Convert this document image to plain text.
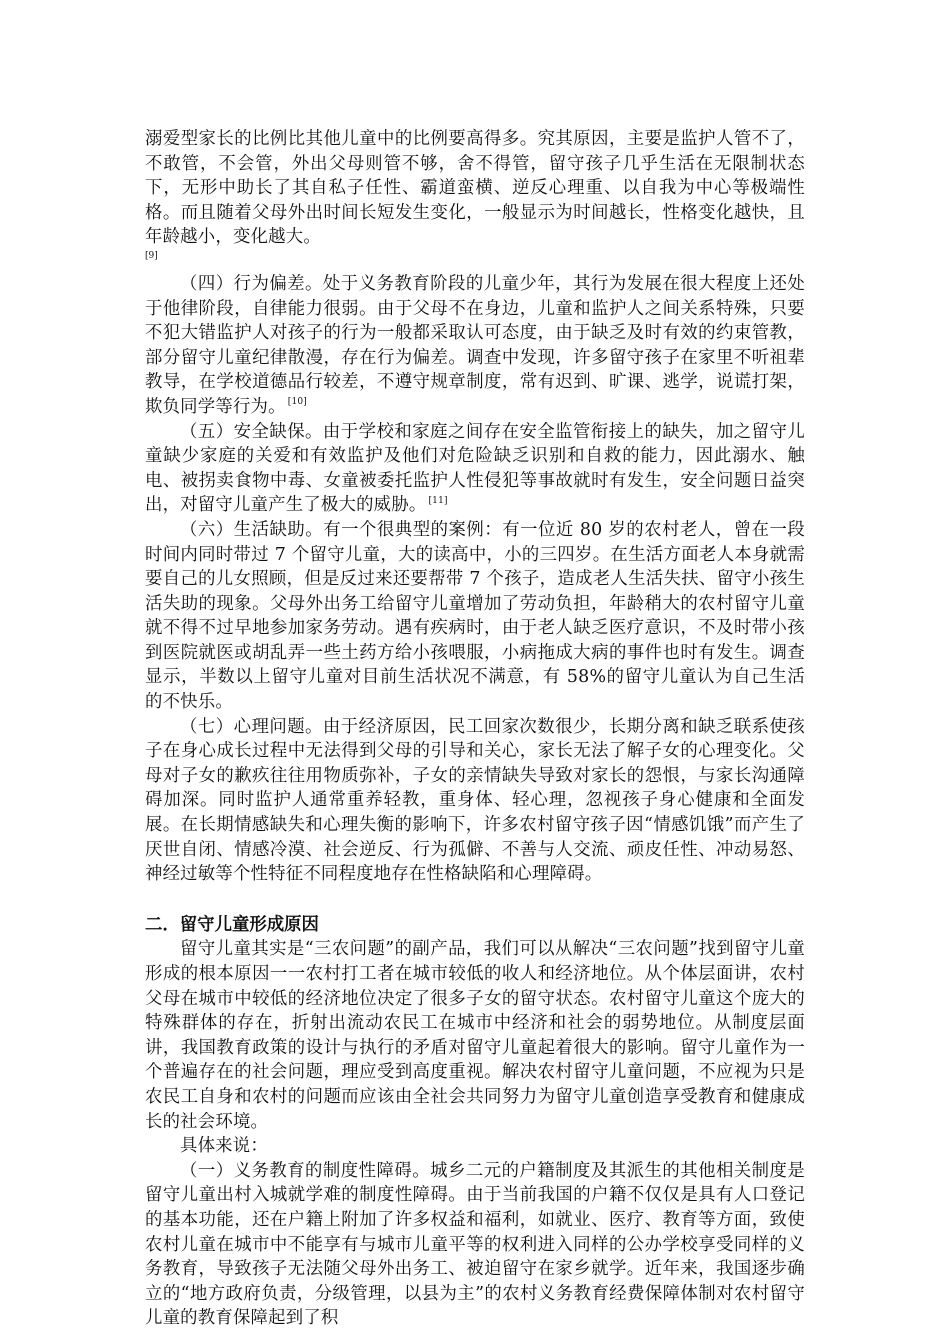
溺爱型家长的比例比其他儿童中的比例要高得多。究其原因，主要是监护人管不了，不敢管，不会管，外出父母则管不够，舍不得管，留守孩子几乎生活在无限制状态下，无形中助长了其自私子任性、霸道蛮横、逆反心理重、以自我为中心等极端性格。而且随着父母外出时间长短发生变化，一般显示为时间越长，性格变化越快，且年龄越小，变化越大。

[9]

（四）行为偏差。处于义务教育阶段的儿童少年，其行为发展在很大程度上还处于他律阶段，自律能力很弱。由于父母不在身边，儿童和监护人之间关系特殊，只要不犯大错监护人对孩子的行为一般都采取认可态度，由于缺乏及时有效的约束管教，部分留守儿童纪律散漫，存在行为偏差。调查中发现，许多留守孩子在家里不听祖辈教导，在学校道德品行较差，不遵守规章制度，常有迟到、旷课、逃学，说谎打架，欺负同学等行为。 [10]

（五）安全缺保。由于学校和家庭之间存在安全监管衔接上的缺失，加之留守儿童缺少家庭的关爱和有效监护及他们对危险缺乏识别和自救的能力，因此溺水、触电、被拐卖食物中毒、女童被委托监护人性侵犯等事故就时有发生，安全问题日益突出，对留守儿童产生了极大的威胁。 [11]

（六）生活缺助。有一个很典型的案例：有一位近 80 岁的农村老人，曾在一段时间内同时带过 7 个留守儿童，大的读高中，小的三四岁。在生活方面老人本身就需要自己的儿女照顾，但是反过来还要帮带 7 个孩子，造成老人生活失扶、留守小孩生活失助的现象。父母外出务工给留守儿童增加了劳动负担，年龄稍大的农村留守儿童就不得不过早地参加家务劳动。遇有疾病时，由于老人缺乏医疗意识，不及时带小孩到医院就医或胡乱弄一些土药方给小孩喂服，小病拖成大病的事件也时有发生。调查显示，半数以上留守儿童对目前生活状况不满意，有 58%的留守儿童认为自己生活的不快乐。

（七）心理问题。由于经济原因，民工回家次数很少，长期分离和缺乏联系使孩子在身心成长过程中无法得到父母的引导和关心，家长无法了解子女的心理变化。父母对子女的歉疚往往用物质弥补，子女的亲情缺失导致对家长的怨恨，与家长沟通障碍加深。同时监护人通常重养轻教，重身体、轻心理，忽视孩子身心健康和全面发展。在长期情感缺失和心理失衡的影响下，许多农村留守孩子因“情感饥饿”而产生了厌世自闭、情感冷漠、社会逆反、行为孤僻、不善与人交流、顽皮任性、冲动易怒、神经过敏等个性特征不同程度地存在性格缺陷和心理障碍。

二．留守儿童形成原因

留守儿童其实是“三农问题”的副产品，我们可以从解决“三农问题”找到留守儿童形成的根本原因一一农村打工者在城市较低的收人和经济地位。从个体层面讲，农村父母在城市中较低的经济地位决定了很多子女的留守状态。农村留守儿童这个庞大的特殊群体的存在，折射出流动农民工在城市中经济和社会的弱势地位。从制度层面讲，我国教育政策的设计与执行的矛盾对留守儿童起着很大的影响。留守儿童作为一个普遍存在的社会问题，理应受到高度重视。解决农村留守儿童问题，不应视为只是农民工自身和农村的问题而应该由全社会共同努力为留守儿童创造享受教育和健康成长的社会环境。

具体来说：

（一）义务教育的制度性障碍。城乡二元的户籍制度及其派生的其他相关制度是留守儿童出村入城就学难的制度性障碍。由于当前我国的户籍不仅仅是具有人口登记的基本功能，还在户籍上附加了许多权益和福利，如就业、医疗、教育等方面，致使农村儿童在城市中不能享有与城市儿童平等的权利进入同样的公办学校享受同样的义务教育，导致孩子无法随父母外出务工、被迫留守在家乡就学。近年来，我国逐步确立的“地方政府负责，分级管理，以县为主”的农村义务教育经费保障体制对农村留守儿童的教育保障起到了积
